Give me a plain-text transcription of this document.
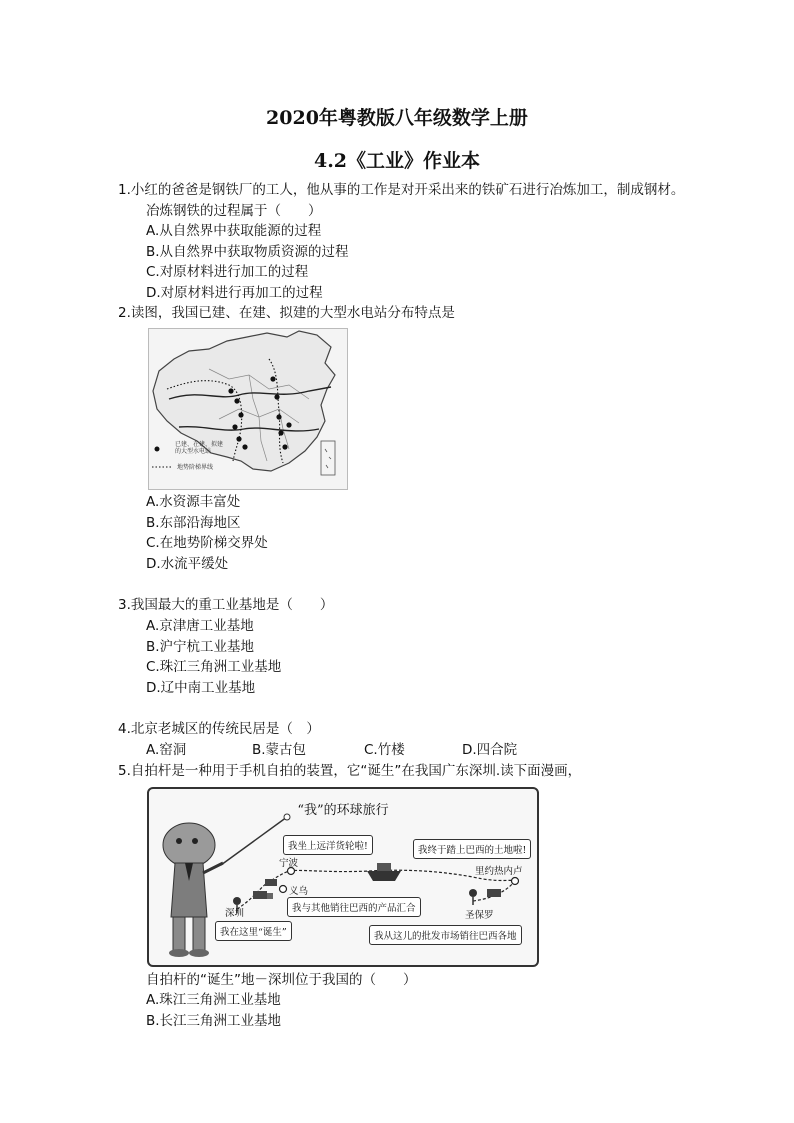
2020年粤教版八年级数学上册
4.2《工业》作业本
1.小红的爸爸是钢铁厂的工人，他从事的工作是对开采出来的铁矿石进行冶炼加工，制成钢材。
冶炼钢铁的过程属于（　　）
A.从自然界中获取能源的过程
B.从自然界中获取物质资源的过程
C.对原材料进行加工的过程
D.对原材料进行再加工的过程
2.读图，我国已建、在建、拟建的大型水电站分布特点是
已建、在建、拟建的大型水电站
地势阶梯界线
A.水资源丰富处
B.东部沿海地区
C.在地势阶梯交界处
D.水流平缓处
3.我国最大的重工业基地是（　　）
A.京津唐工业基地
B.沪宁杭工业基地
C.珠江三角洲工业基地
D.辽中南工业基地
4.北京老城区的传统民居是（　）
A.窑洞	B.蒙古包	C.竹楼	D.四合院
5.自拍杆是一种用于手机自拍的装置，它“诞生”在我国广东深圳.读下面漫画，
“我”的环球旅行
我坐上远洋货轮啦!	我终于踏上巴西的土地啦!
我与其他销往巴西的产品汇合
我从这儿的批发市场销往巴西各地
我在这里“诞生”
宁波
义乌
深圳
里约热内卢
圣保罗
自拍杆的“诞生”地－深圳位于我国的（　　）
A.珠江三角洲工业基地
B.长江三角洲工业基地
